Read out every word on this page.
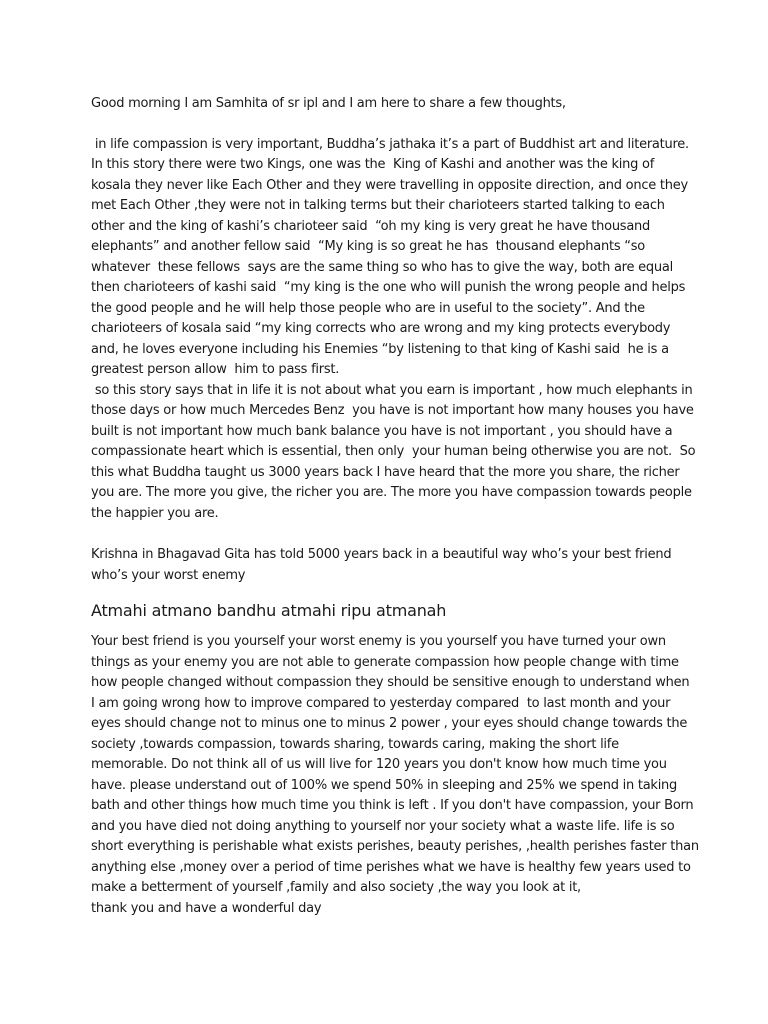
Good morning I am Samhita of sr ipl and I am here to share a few thoughts,
in life compassion is very important, Buddha’s jathaka it’s a part of Buddhist art and literature.
In this story there were two Kings, one was the  King of Kashi and another was the king of
kosala they never like Each Other and they were travelling in opposite direction, and once they
met Each Other ,they were not in talking terms but their charioteers started talking to each
other and the king of kashi’s charioteer said  “oh my king is very great he have thousand
elephants” and another fellow said  “My king is so great he has  thousand elephants “so
whatever  these fellows  says are the same thing so who has to give the way, both are equal
then charioteers of kashi said  “my king is the one who will punish the wrong people and helps
the good people and he will help those people who are in useful to the society”. And the
charioteers of kosala said “my king corrects who are wrong and my king protects everybody
and, he loves everyone including his Enemies “by listening to that king of Kashi said  he is a
greatest person allow  him to pass first.
so this story says that in life it is not about what you earn is important , how much elephants in
those days or how much Mercedes Benz  you have is not important how many houses you have
built is not important how much bank balance you have is not important , you should have a
compassionate heart which is essential, then only  your human being otherwise you are not.  So
this what Buddha taught us 3000 years back I have heard that the more you share, the richer
you are. The more you give, the richer you are. The more you have compassion towards people
the happier you are.
Krishna in Bhagavad Gita has told 5000 years back in a beautiful way who’s your best friend
who’s your worst enemy
Atmahi atmano bandhu atmahi ripu atmanah
Your best friend is you yourself your worst enemy is you yourself you have turned your own
things as your enemy you are not able to generate compassion how people change with time
how people changed without compassion they should be sensitive enough to understand when
I am going wrong how to improve compared to yesterday compared  to last month and your
eyes should change not to minus one to minus 2 power , your eyes should change towards the
society ,towards compassion, towards sharing, towards caring, making the short life
memorable. Do not think all of us will live for 120 years you don't know how much time you
have. please understand out of 100% we spend 50% in sleeping and 25% we spend in taking
bath and other things how much time you think is left . If you don't have compassion, your Born
and you have died not doing anything to yourself nor your society what a waste life. life is so
short everything is perishable what exists perishes, beauty perishes, ,health perishes faster than
anything else ,money over a period of time perishes what we have is healthy few years used to
make a betterment of yourself ,family and also society ,the way you look at it,
thank you and have a wonderful day
